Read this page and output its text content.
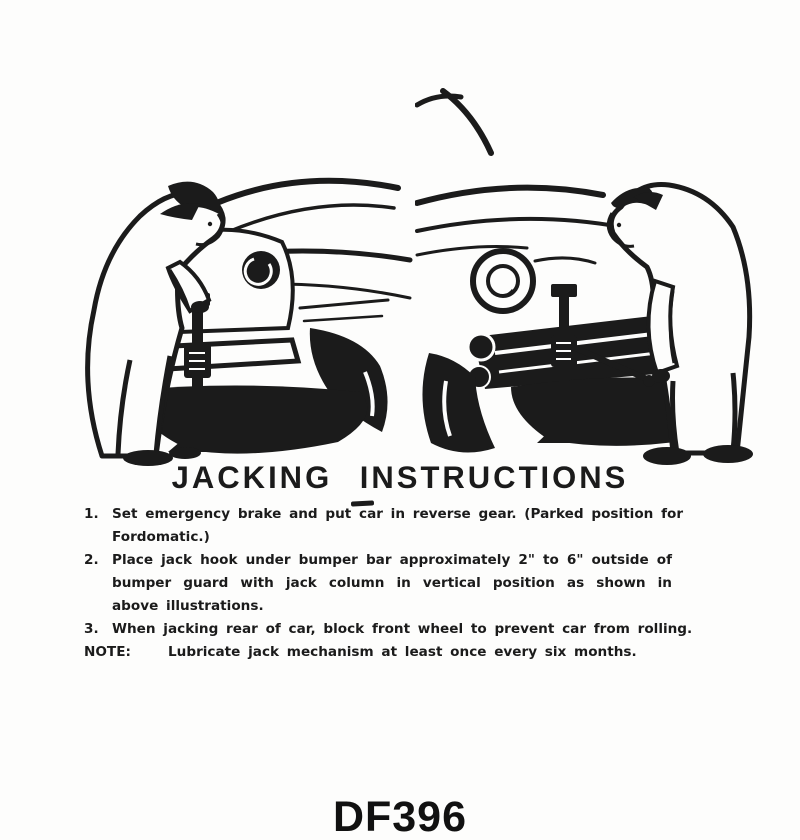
JACKING INSTRUCTIONS
1. Set emergency brake and put car in reverse gear. (Parked position for Fordomatic.)
2. Place jack hook under bumper bar approximately 2" to 6" outside of bumper guard with jack column in vertical position as shown in above illustrations.
3. When jacking rear of car, block front wheel to prevent car from rolling.
NOTE:	Lubricate jack mechanism at least once every six months.
DF396
